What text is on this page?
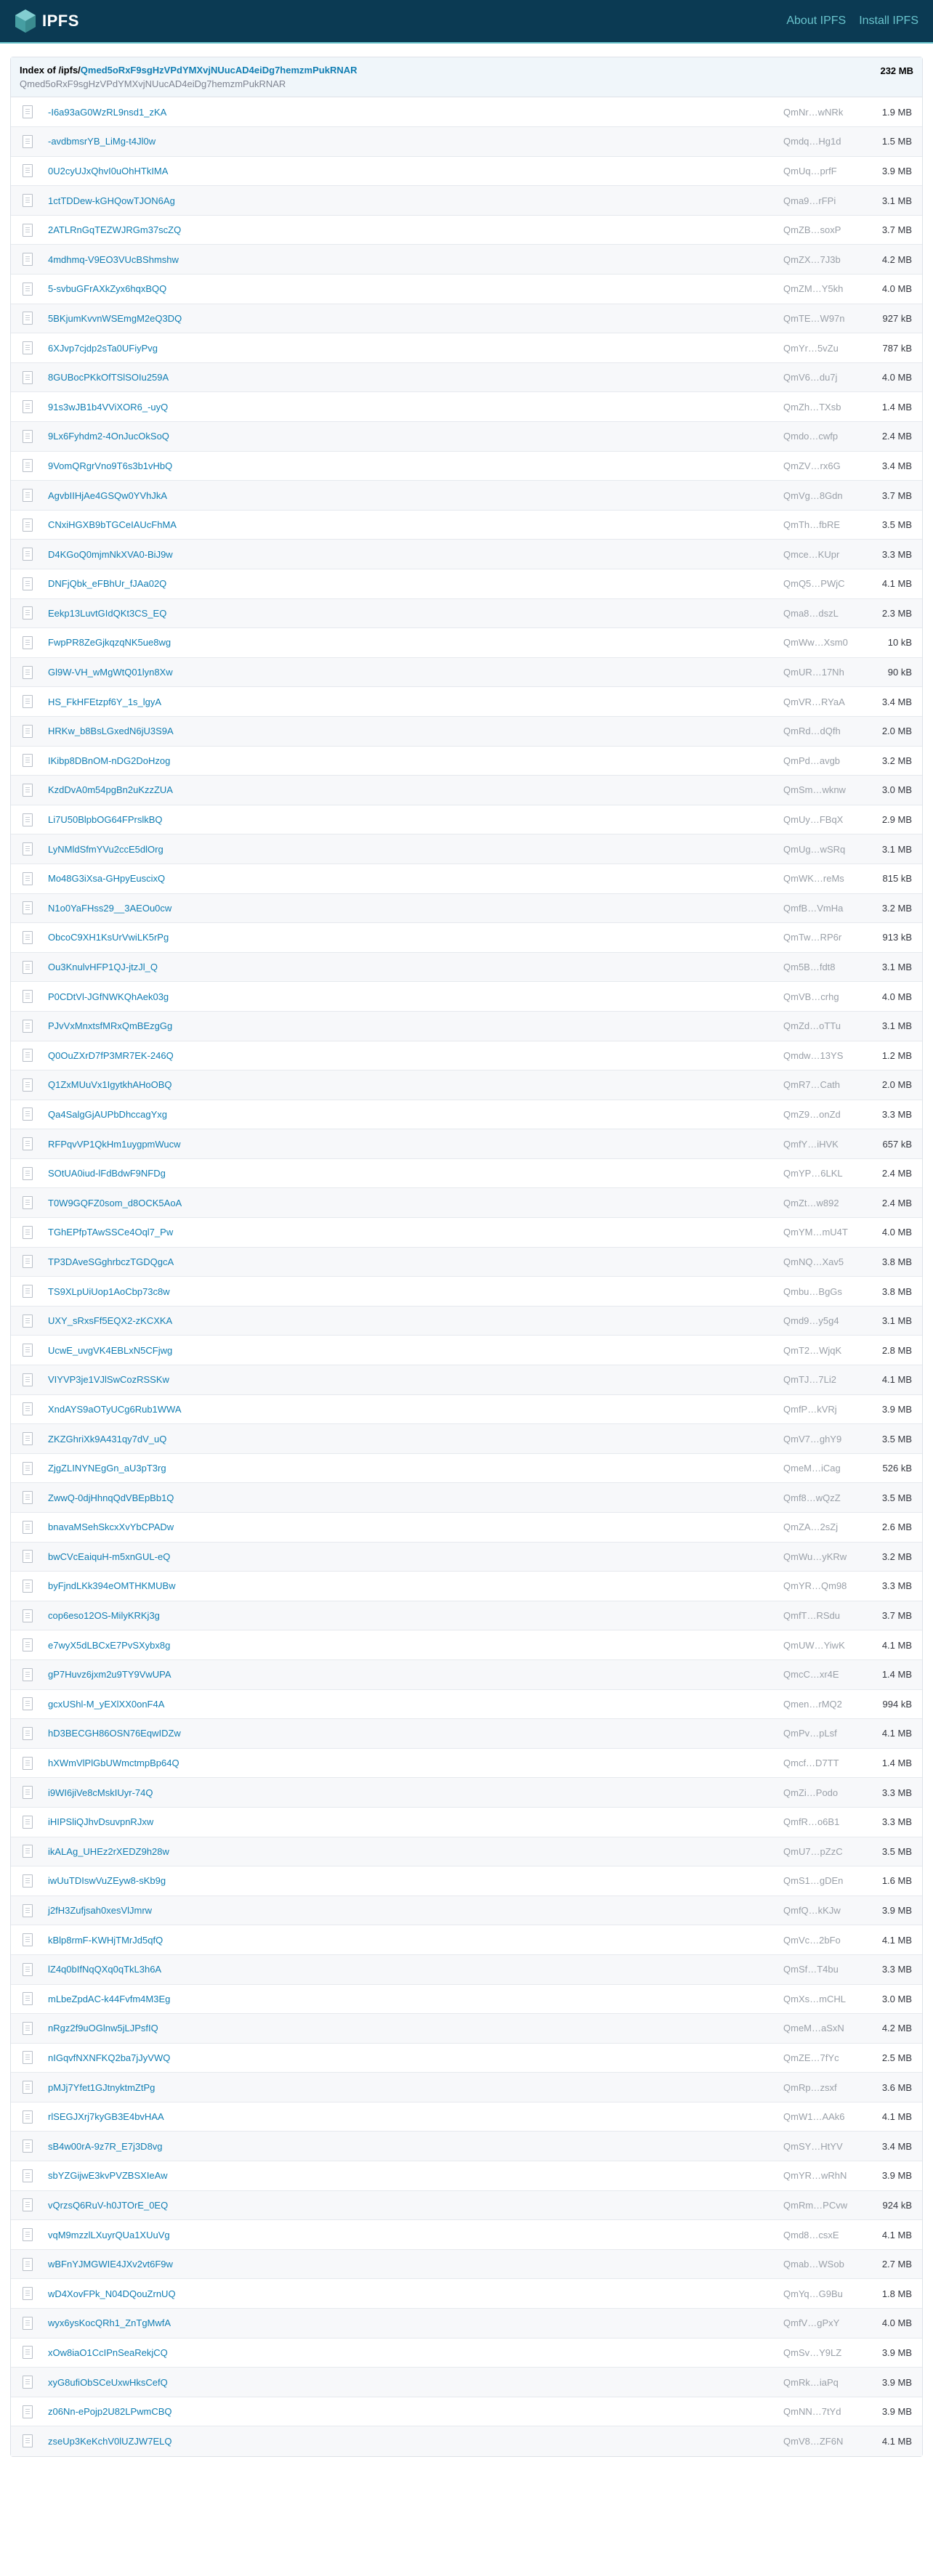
IPFS	About IPFS Install IPFS
Index of /ipfs/Qmed5oRxF9sgHzVPdYMXvjNUucAD4eiDg7hemzmPukRNAR
Qmed5oRxF9sgHzVPdYMXvjNUucAD4eiDg7hemzmPukRNAR
232 MB
	-I6a93aG0WzRL9nsd1_zKA	QmNr…wNRk	1.9 MB
	-avdbmsrYB_LiMg-t4Jl0w	Qmdq…Hg1d	1.5 MB
	0U2cyUJxQhvI0uOhHTkIMA	QmUq…prfF	3.9 MB
	1ctTDDew-kGHQowTJON6Ag	Qma9…rFPi	3.1 MB
	2ATLRnGqTEZWJRGm37scZQ	QmZB…soxP	3.7 MB
	4mdhmq-V9EO3VUcBShmshw	QmZX…7J3b	4.2 MB
	5-svbuGFrAXkZyx6hqxBQQ	QmZM…Y5kh	4.0 MB
	5BKjumKvvnWSEmgM2eQ3DQ	QmTE…W97n	927 kB
	6XJvp7cjdp2sTa0UFiyPvg	QmYr…5vZu	787 kB
	8GUBocPKkOfTSlSOIu259A	QmV6…du7j	4.0 MB
	91s3wJB1b4VViXOR6_-uyQ	QmZh…TXsb	1.4 MB
	9Lx6Fyhdm2-4OnJucOkSoQ	Qmdo…cwfp	2.4 MB
	9VomQRgrVno9T6s3b1vHbQ	QmZV…rx6G	3.4 MB
	AgvbIIHjAe4GSQw0YVhJkA	QmVg…8Gdn	3.7 MB
	CNxiHGXB9bTGCeIAUcFhMA	QmTh…fbRE	3.5 MB
	D4KGoQ0mjmNkXVA0-BiJ9w	Qmce…KUpr	3.3 MB
	DNFjQbk_eFBhUr_fJAa02Q	QmQ5…PWjC	4.1 MB
	Eekp13LuvtGIdQKt3CS_EQ	Qma8…dszL	2.3 MB
	FwpPR8ZeGjkqzqNK5ue8wg	QmWw…Xsm0	10 kB
	Gl9W-VH_wMgWtQ01lyn8Xw	QmUR…17Nh	90 kB
	HS_FkHFEtzpf6Y_1s_lgyA	QmVR…RYaA	3.4 MB
	HRKw_b8BsLGxedN6jU3S9A	QmRd…dQfh	2.0 MB
	IKibp8DBnOM-nDG2DoHzog	QmPd…avgb	3.2 MB
	KzdDvA0m54pgBn2uKzzZUA	QmSm…wknw	3.0 MB
	Li7U50BlpbOG64FPrslkBQ	QmUy…FBqX	2.9 MB
	LyNMldSfmYVu2ccE5dlOrg	QmUg…wSRq	3.1 MB
	Mo48G3iXsa-GHpyEuscixQ	QmWK…reMs	815 kB
	N1o0YaFHss29__3AEOu0cw	QmfB…VmHa	3.2 MB
	ObcoC9XH1KsUrVwiLK5rPg	QmTw…RP6r	913 kB
	Ou3KnulvHFP1QJ-jtzJl_Q	Qm5B…fdt8	3.1 MB
	P0CDtVl-JGfNWKQhAek03g	QmVB…crhg	4.0 MB
	PJvVxMnxtsfMRxQmBEzgGg	QmZd…oTTu	3.1 MB
	Q0OuZXrD7fP3MR7EK-246Q	Qmdw…13YS	1.2 MB
	Q1ZxMUuVx1IgytkhAHoOBQ	QmR7…Cath	2.0 MB
	Qa4SalgGjAUPbDhccagYxg	QmZ9…onZd	3.3 MB
	RFPqvVP1QkHm1uygpmWucw	QmfY…iHVK	657 kB
	SOtUA0iud-lFdBdwF9NFDg	QmYP…6LKL	2.4 MB
	T0W9GQFZ0som_d8OCK5AoA	QmZt…w892	2.4 MB
	TGhEPfpTAwSSCe4Oql7_Pw	QmYM…mU4T	4.0 MB
	TP3DAveSGghrbczTGDQgcA	QmNQ…Xav5	3.8 MB
	TS9XLpUiUop1AoCbp73c8w	Qmbu…BgGs	3.8 MB
	UXY_sRxsFf5EQX2-zKCXKA	Qmd9…y5g4	3.1 MB
	UcwE_uvgVK4EBLxN5CFjwg	QmT2…WjqK	2.8 MB
	VIYVP3je1VJlSwCozRSSKw	QmTJ…7Li2	4.1 MB
	XndAYS9aOTyUCg6Rub1WWA	QmfP…kVRj	3.9 MB
	ZKZGhriXk9A431qy7dV_uQ	QmV7…ghY9	3.5 MB
	ZjgZLINYNEgGn_aU3pT3rg	QmeM…iCag	526 kB
	ZwwQ-0djHhnqQdVBEpBb1Q	Qmf8…wQzZ	3.5 MB
	bnavaMSehSkcxXvYbCPADw	QmZA…2sZj	2.6 MB
	bwCVcEaiquH-m5xnGUL-eQ	QmWu…yKRw	3.2 MB
	byFjndLKk394eOMTHKMUBw	QmYR…Qm98	3.3 MB
	cop6eso12OS-MilyKRKj3g	QmfT…RSdu	3.7 MB
	e7wyX5dLBCxE7PvSXybx8g	QmUW…YiwK	4.1 MB
	gP7Huvz6jxm2u9TY9VwUPA	QmcC…xr4E	1.4 MB
	gcxUShl-M_yEXlXX0onF4A	Qmen…rMQ2	994 kB
	hD3BECGH86OSN76EqwIDZw	QmPv…pLsf	4.1 MB
	hXWmVlPlGbUWmctmpBp64Q	Qmcf…D7TT	1.4 MB
	i9WI6jiVe8cMskIUyr-74Q	QmZi…Podo	3.3 MB
	iHIPSliQJhvDsuvpnRJxw	QmfR…o6B1	3.3 MB
	ikALAg_UHEz2rXEDZ9h28w	QmU7…pZzC	3.5 MB
	iwUuTDIswVuZEyw8-sKb9g	QmS1…gDEn	1.6 MB
	j2fH3Zufjsah0xesVlJmrw	QmfQ…kKJw	3.9 MB
	kBlp8rmF-KWHjTMrJd5qfQ	QmVc…2bFo	4.1 MB
	lZ4q0bIfNqQXq0qTkL3h6A	QmSf…T4bu	3.3 MB
	mLbeZpdAC-k44Fvfm4M3Eg	QmXs…mCHL	3.0 MB
	nRgz2f9uOGlnw5jLJPsfIQ	QmeM…aSxN	4.2 MB
	nIGqvfNXNFKQ2ba7jJyVWQ	QmZE…7fYc	2.5 MB
	pMJj7Yfet1GJtnyktmZtPg	QmRp…zsxf	3.6 MB
	rlSEGJXrj7kyGB3E4bvHAA	QmW1…AAk6	4.1 MB
	sB4w00rA-9z7R_E7j3D8vg	QmSY…HtYV	3.4 MB
	sbYZGijwE3kvPVZBSXIeAw	QmYR…wRhN	3.9 MB
	vQrzsQ6RuV-h0JTOrE_0EQ	QmRm…PCvw	924 kB
	vqM9mzzlLXuyrQUa1XUuVg	Qmd8…csxE	4.1 MB
	wBFnYJMGWIE4JXv2vt6F9w	Qmab…WSob	2.7 MB
	wD4XovFPk_N04DQouZrnUQ	QmYq…G9Bu	1.8 MB
	wyx6ysKocQRh1_ZnTgMwfA	QmfV…gPxY	4.0 MB
	xOw8iaO1CcIPnSeaRekjCQ	QmSv…Y9LZ	3.9 MB
	xyG8ufiObSCeUxwHksCefQ	QmRk…iaPq	3.9 MB
	z06Nn-ePojp2U82LPwmCBQ	QmNN…7tYd	3.9 MB
	zseUp3KeKchV0lUZJW7ELQ	QmV8…ZF6N	4.1 MB
